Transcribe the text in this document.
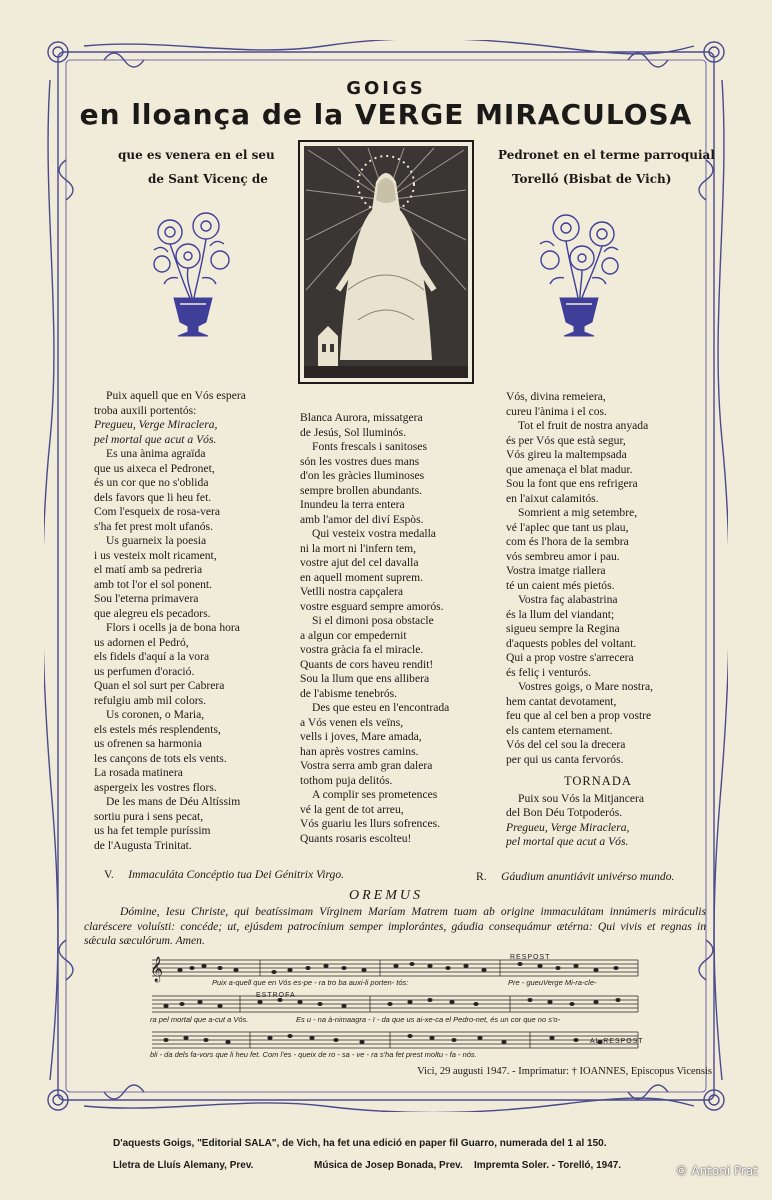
GOIGS

en lloança de la VERGE MIRACULOSA

que es venera en el seu

de Sant Vicenç de

Pedronet en el terme parroquial

Torelló (Bisbat de Vich)

Puix aquell que en Vós espera
troba auxili portentós:
Pregueu, Verge Miraclera,
pel mortal que acut a Vós.
Es una ànima agraïda
que us aixeca el Pedronet,
és un cor que no s'oblida
dels favors que li heu fet.
Com l'esqueix de rosa-vera
s'ha fet prest molt ufanós.
Us guarneix la poesia
i us vesteix molt ricament,
el matí amb sa pedreria
amb tot l'or el sol ponent.
Sou l'eterna primavera
que alegreu els pecadors.
Flors i ocells ja de bona hora
us adornen el Pedró,
els fidels d'aquí a la vora
us perfumen d'oració.
Quan el sol surt per Cabrera
refulgiu amb mil colors.
Us coronen, o Maria,
els estels més resplendents,
us ofrenen sa harmonia
les cançons de tots els vents.
La rosada matinera
aspergeix les vostres flors.
De les mans de Déu Altíssim
sortiu pura i sens pecat,
us ha fet temple puríssim
de l'Augusta Trinitat.
Blanca Aurora, missatgera
de Jesús, Sol lluminós.
Fonts frescals i sanitoses
són les vostres dues mans
d'on les gràcies lluminoses
sempre brollen abundants.
Inundeu la terra entera
amb l'amor del diví Espòs.
Qui vesteix vostra medalla
ni la mort ni l'infern tem,
vostre ajut del cel davalla
en aquell moment suprem.
Vetlli nostra capçalera
vostre esguard sempre amorós.
Si el dimoni posa obstacle
a algun cor empedernit
vostra gràcia fa el miracle.
Quants de cors haveu rendit!
Sou la llum que ens allibera
de l'abisme tenebrós.
Des que esteu en l'encontrada
a Vós venen els veïns,
vells i joves, Mare amada,
han après vostres camins.
Vostra serra amb gran dalera
tothom puja delitós.
A complir ses prometences
vé la gent de tot arreu,
Vós guariu les llurs sofrences.
Quants rosaris escolteu!
Vós, divina remeiera,
cureu l'ànima i el cos.
Tot el fruit de nostra anyada
és per Vós que està segur,
Vós gireu la maltempsada
que amenaça el blat madur.
Sou la font que ens refrigera
en l'aixut calamitós.
Somrient a mig setembre,
vé l'aplec que tant us plau,
com és l'hora de la sembra
vós sembreu amor i pau.
Vostra imatge riallera
té un caient més pietós.
Vostra faç alabastrina
és la llum del viandant;
sigueu sempre la Regina
d'aquests pobles del voltant.
Qui a prop vostre s'arrecera
és feliç i venturós.
Vostres goigs, o Mare nostra,
hem cantat devotament,
feu que al cel ben a prop vostre
els cantem eternament.
Vós del cel sou la drecera
per qui us canta fervorós.
TORNADA
Puix sou Vós la Mitjancera
del Bon Déu Totpoderós.
Pregueu, Verge Miraclera,
pel mortal que acut a Vós.
V. Immaculáta Concéptio tua Dei Génitrix Virgo.	R. Gáudium anuntiávit univérso mundo.

OREMUS

Dómine, Iesu Christe, qui beatíssimam Vírginem Maríam Matrem tuam ab origine immaculátam innúmeris miráculis claréscere voluísti: concéde; ut, ejúsdem patrocínium semper implorántes, gáudia consequámur ætérna: Qui vivis et regnas in sǽcula sæculórum. Amen.

𝄞
Puix a-quell que en Vós es-pe - ra tro ba auxi-li porten- tós:	Pre - gueuVerge Mi-ra-cle-
RESPOST
ra pel mortal que a-cut a Vós.
ESTROFA
Es u - na à-nimaagra - ï - da que us ai-xe-ca el Pedro-net, és un cor que no s'o-
bli - da dels fa-vors que li heu fet. Com l'es - queix de ro - sa - ve - ra s'ha fet prest moltu - fa - nós.
AL RESPOST

Vici, 29 augusti 1947. - Imprimatur: † IOANNES, Episcopus Vicensis

D'aquests Goigs, "Editorial SALA", de Vich, ha fet una edició en paper fil Guarro, numerada del 1 al 150.
Lletra de Lluís Alemany, Prev.	Música de Josep Bonada, Prev. Impremta Soler. - Torelló, 1947.	© Antoni Prat
